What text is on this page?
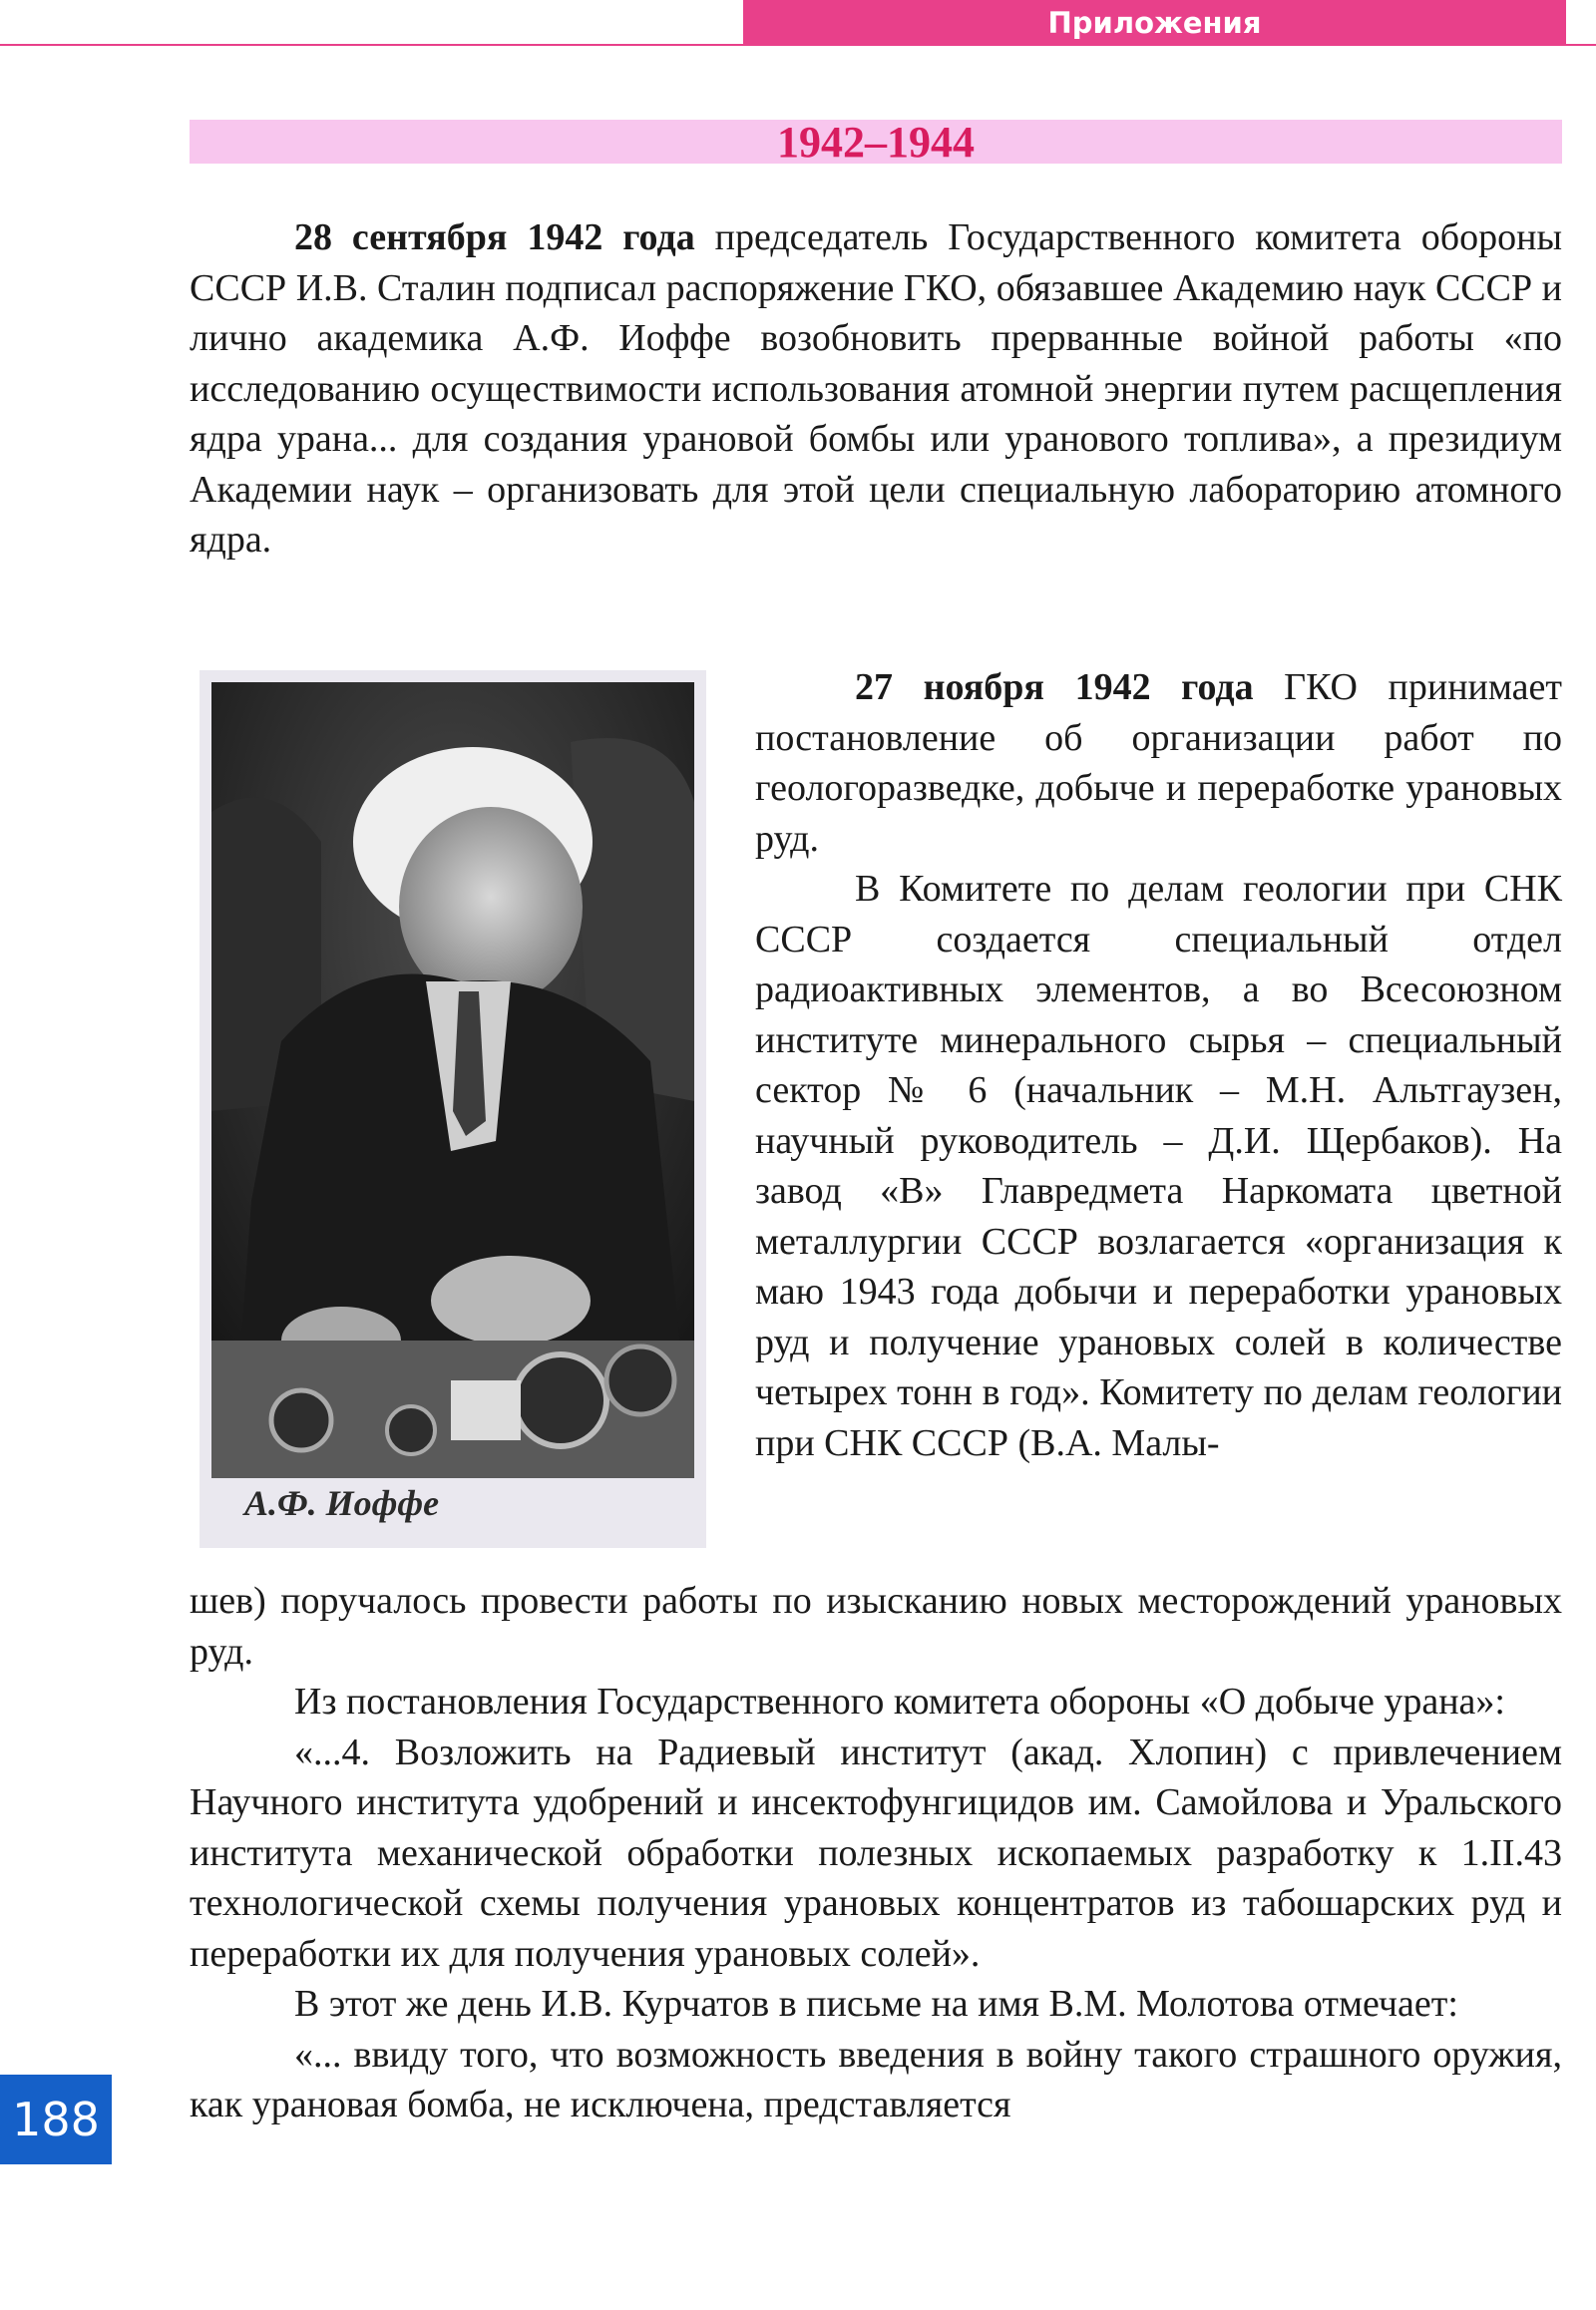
Приложения
1942–1944

28 сентября 1942 года председатель Государственного комитета обороны СССР И.В. Сталин подписал распоряжение ГКО, обязавшее Академию наук СССР и лично академика А.Ф. Иоффе возобновить прерванные войной работы «по исследованию осуществимости использования атомной энергии путем расщепления ядра урана... для создания урановой бомбы или уранового топлива», а президиум Академии наук – организовать для этой цели специальную лабораторию атомного ядра.

А.Ф. Иоффе

27 ноября 1942 года ГКО принимает постановление об организации работ по геологоразведке, добыче и переработке урановых руд.

В Комитете по делам геологии при СНК СССР создается специальный отдел радиоактивных элементов, а во Всесоюзном институте минерального сырья – специальный сектор № 6 (начальник – М.Н. Альтгаузен, научный руководитель – Д.И. Щербаков). На завод «В» Главредмета Наркомата цветной металлургии СССР возлагается «организация к маю 1943 года добычи и переработки урановых руд и получение урановых солей в количестве четырех тонн в год». Комитету по делам геологии при СНК СССР (В.А. Малы-

шев) поручалось провести работы по изысканию новых месторождений урановых руд.

Из постановления Государственного комитета обороны «О добыче урана»:

«...4. Возложить на Радиевый институт (акад. Хлопин) с привлечением Научного института удобрений и инсектофунгицидов им. Самойлова и Уральского института механической обработки полезных ископаемых разработку к 1.II.43 технологической схемы получения урановых концентратов из табошарских руд и переработки их для получения урановых солей».

В этот же день И.В. Курчатов в письме на имя В.М. Молотова отмечает:

«... ввиду того, что возможность введения в войну такого страшного оружия, как урановая бомба, не исключена, представляется

188
